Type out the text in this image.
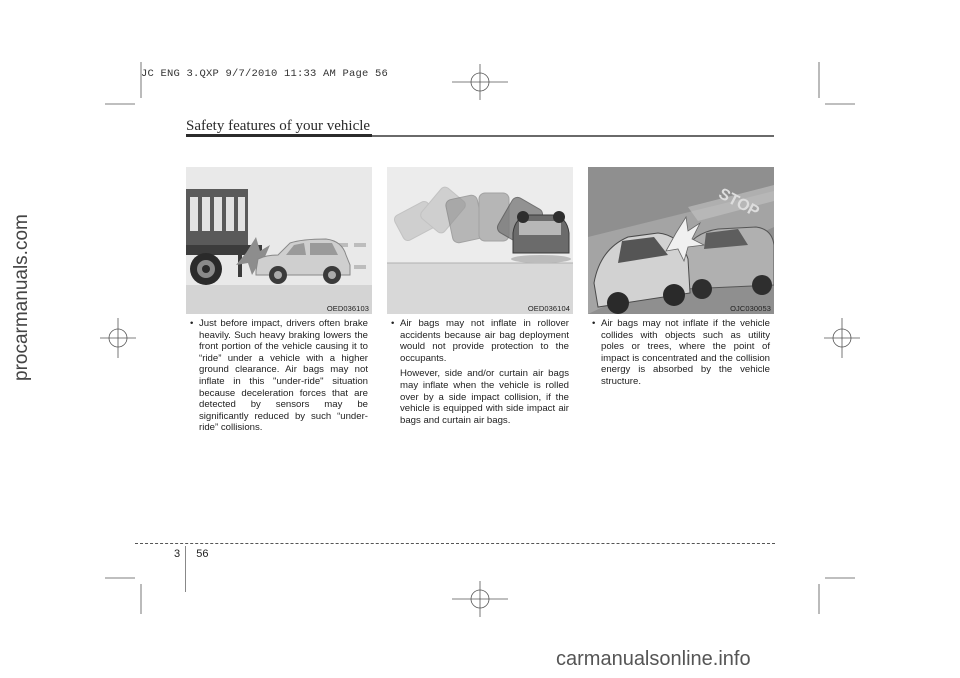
JC ENG 3.QXP 9/7/2010 11:33 AM Page 56
procarmanuals.com
Safety features of your vehicle
OED036103	OED036104
STOP
OJC030053

• Just before impact, drivers often brake heavily. Such heavy braking lowers the front portion of the vehicle causing it to “ride” under a vehicle with a higher ground clearance. Air bags may not inflate in this "under-ride" situation because deceleration forces that are detected by sensors may be significantly reduced by such “under-ride” collisions.

• Air bags may not inflate in rollover accidents because air bag deployment would not provide protection to the occupants.

However, side and/or curtain air bags may inflate when the vehicle is rolled over by a side impact collision, if the vehicle is equipped with side impact air bags and curtain air bags.

• Air bags may not inflate if the vehicle collides with objects such as utility poles or trees, where the point of impact is concentrated and the collision energy is absorbed by the vehicle structure.

3 56
carmanualsonline.info
